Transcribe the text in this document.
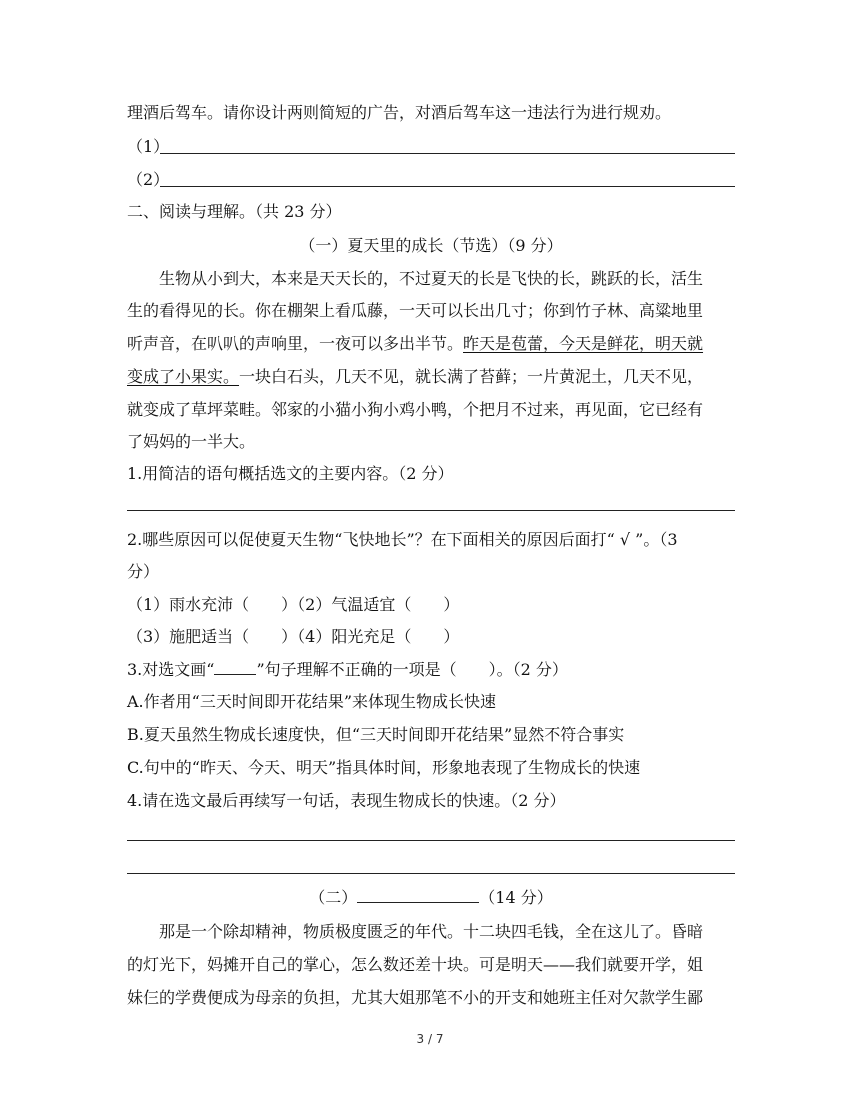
理酒后驾车。请你设计两则简短的广告，对酒后驾车这一违法行为进行规劝。
（1）
（2）
二、阅读与理解。（共 23 分）
（一）夏天里的成长（节选）（9 分）
生物从小到大，本来是天天长的，不过夏天的长是飞快的长，跳跃的长，活生
生的看得见的长。你在棚架上看瓜藤，一天可以长出几寸；你到竹子林、高粱地里
听声音，在叭叭的声响里，一夜可以多出半节。昨天是苞蕾，今天是鲜花，明天就
变成了小果实。一块白石头，几天不见，就长满了苔藓；一片黄泥土，几天不见，
就变成了草坪菜畦。邻家的小猫小狗小鸡小鸭，个把月不过来，再见面，它已经有
了妈妈的一半大。
1.用简洁的语句概括选文的主要内容。（2 分）
2.哪些原因可以促使夏天生物“飞快地长”？在下面相关的原因后面打“ √ ”。（3
分）
（1）雨水充沛（　　）（2）气温适宜（　　）
（3）施肥适当（　　）（4）阳光充足（　　）
3.对选文画“	”句子理解不正确的一项是（　　）。（2 分）
A.作者用“三天时间即开花结果”来体现生物成长快速
B.夏天虽然生物成长速度快，但“三天时间即开花结果”显然不符合事实
C.句中的“昨天、今天、明天”指具体时间，形象地表现了生物成长的快速
4.请在选文最后再续写一句话，表现生物成长的快速。（2 分）
（二）	（14 分）
那是一个除却精神，物质极度匮乏的年代。十二块四毛钱，全在这儿了。昏暗
的灯光下，妈摊开自己的掌心，怎么数还差十块。可是明天——我们就要开学，姐
妹仨的学费便成为母亲的负担，尤其大姐那笔不小的开支和她班主任对欠款学生鄙
3 / 7
